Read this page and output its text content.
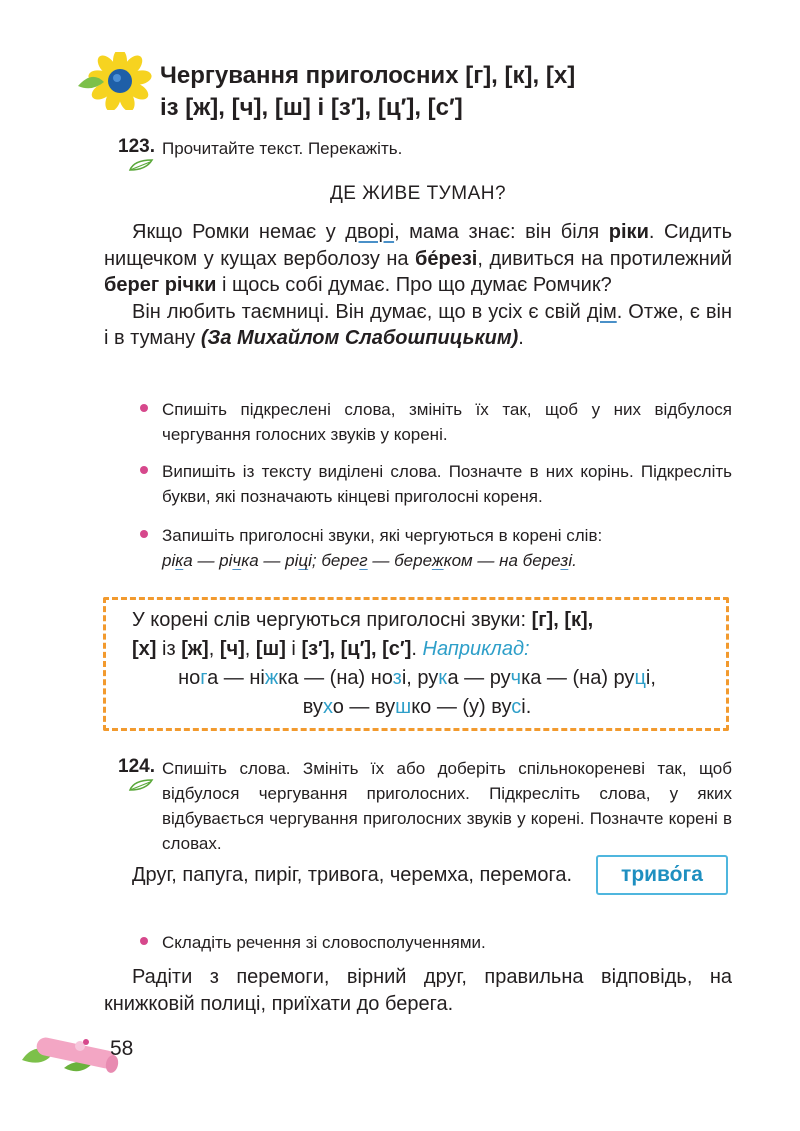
Чергування приголосних [г], [к], [х]
із [ж], [ч], [ш] і [з′], [ц′], [с′]
123. Прочитайте текст. Перекажіть.
ДЕ ЖИВЕ ТУМАН?

Якщо Ромки немає у дворі, мама знає: він біля ріки. Сидить нищечком у кущах верболозу на бе́резі, дивиться на протилежний берег річки і щось собі думає. Про що думає Ромчик?

Він любить таємниці. Він думає, що в усіх є свій дім. Отже, є він і в туману (За Михайлом Слабошпицьким).

Спишіть підкреслені слова, змініть їх так, щоб у них відбулося чергування голосних звуків у корені.
Випишіть із тексту виділені слова. Позначте в них корінь. Підкресліть букви, які позначають кінцеві приголосні кореня.
Запишіть приголосні звуки, які чергуються в корені слів:
ріка — річка — ріці; берег — бережком — на березі.
У корені слів чергуються приголосні звуки: [г], [к],
[х] із [ж], [ч], [ш] і [з′], [ц′], [с′]. Наприклад:
нога — ніжка — (на) нозі, рука — ручка — (на) руці,
вухо — вушко — (у) вусі.
124. Спишіть слова. Змініть їх або доберіть спільнокореневі так, щоб відбулося чергування приголосних. Підкресліть слова, у яких відбувається чергування приголосних звуків у корені. Позначте корені в словах.
Друг, папуга, пиріг, тривога, черемха, перемога.	триво́га
Складіть речення зі словосполученнями.
Радіти з перемоги, вірний друг, правильна відповідь, на книжковій полиці, приїхати до берега.
58
